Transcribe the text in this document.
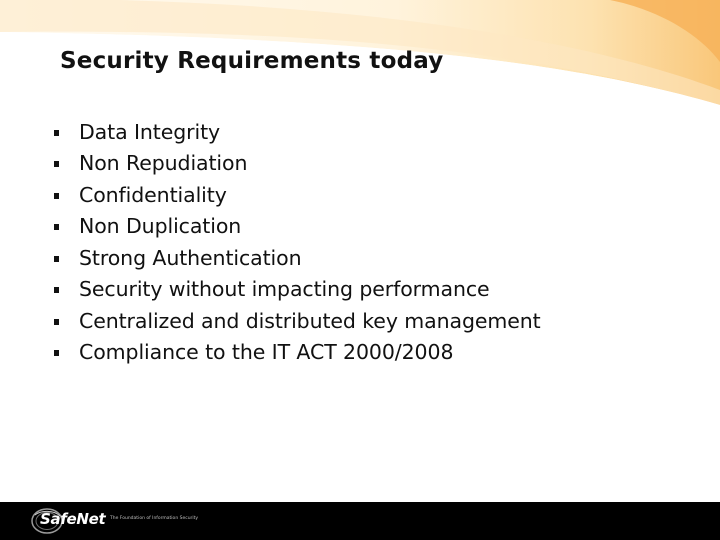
Security Requirements today
Data Integrity
Non Repudiation
Confidentiality
Non Duplication
Strong Authentication
Security without impacting performance
Centralized and distributed key management
Compliance to the IT ACT 2000/2008
SafeNet The Foundation of Information Security
